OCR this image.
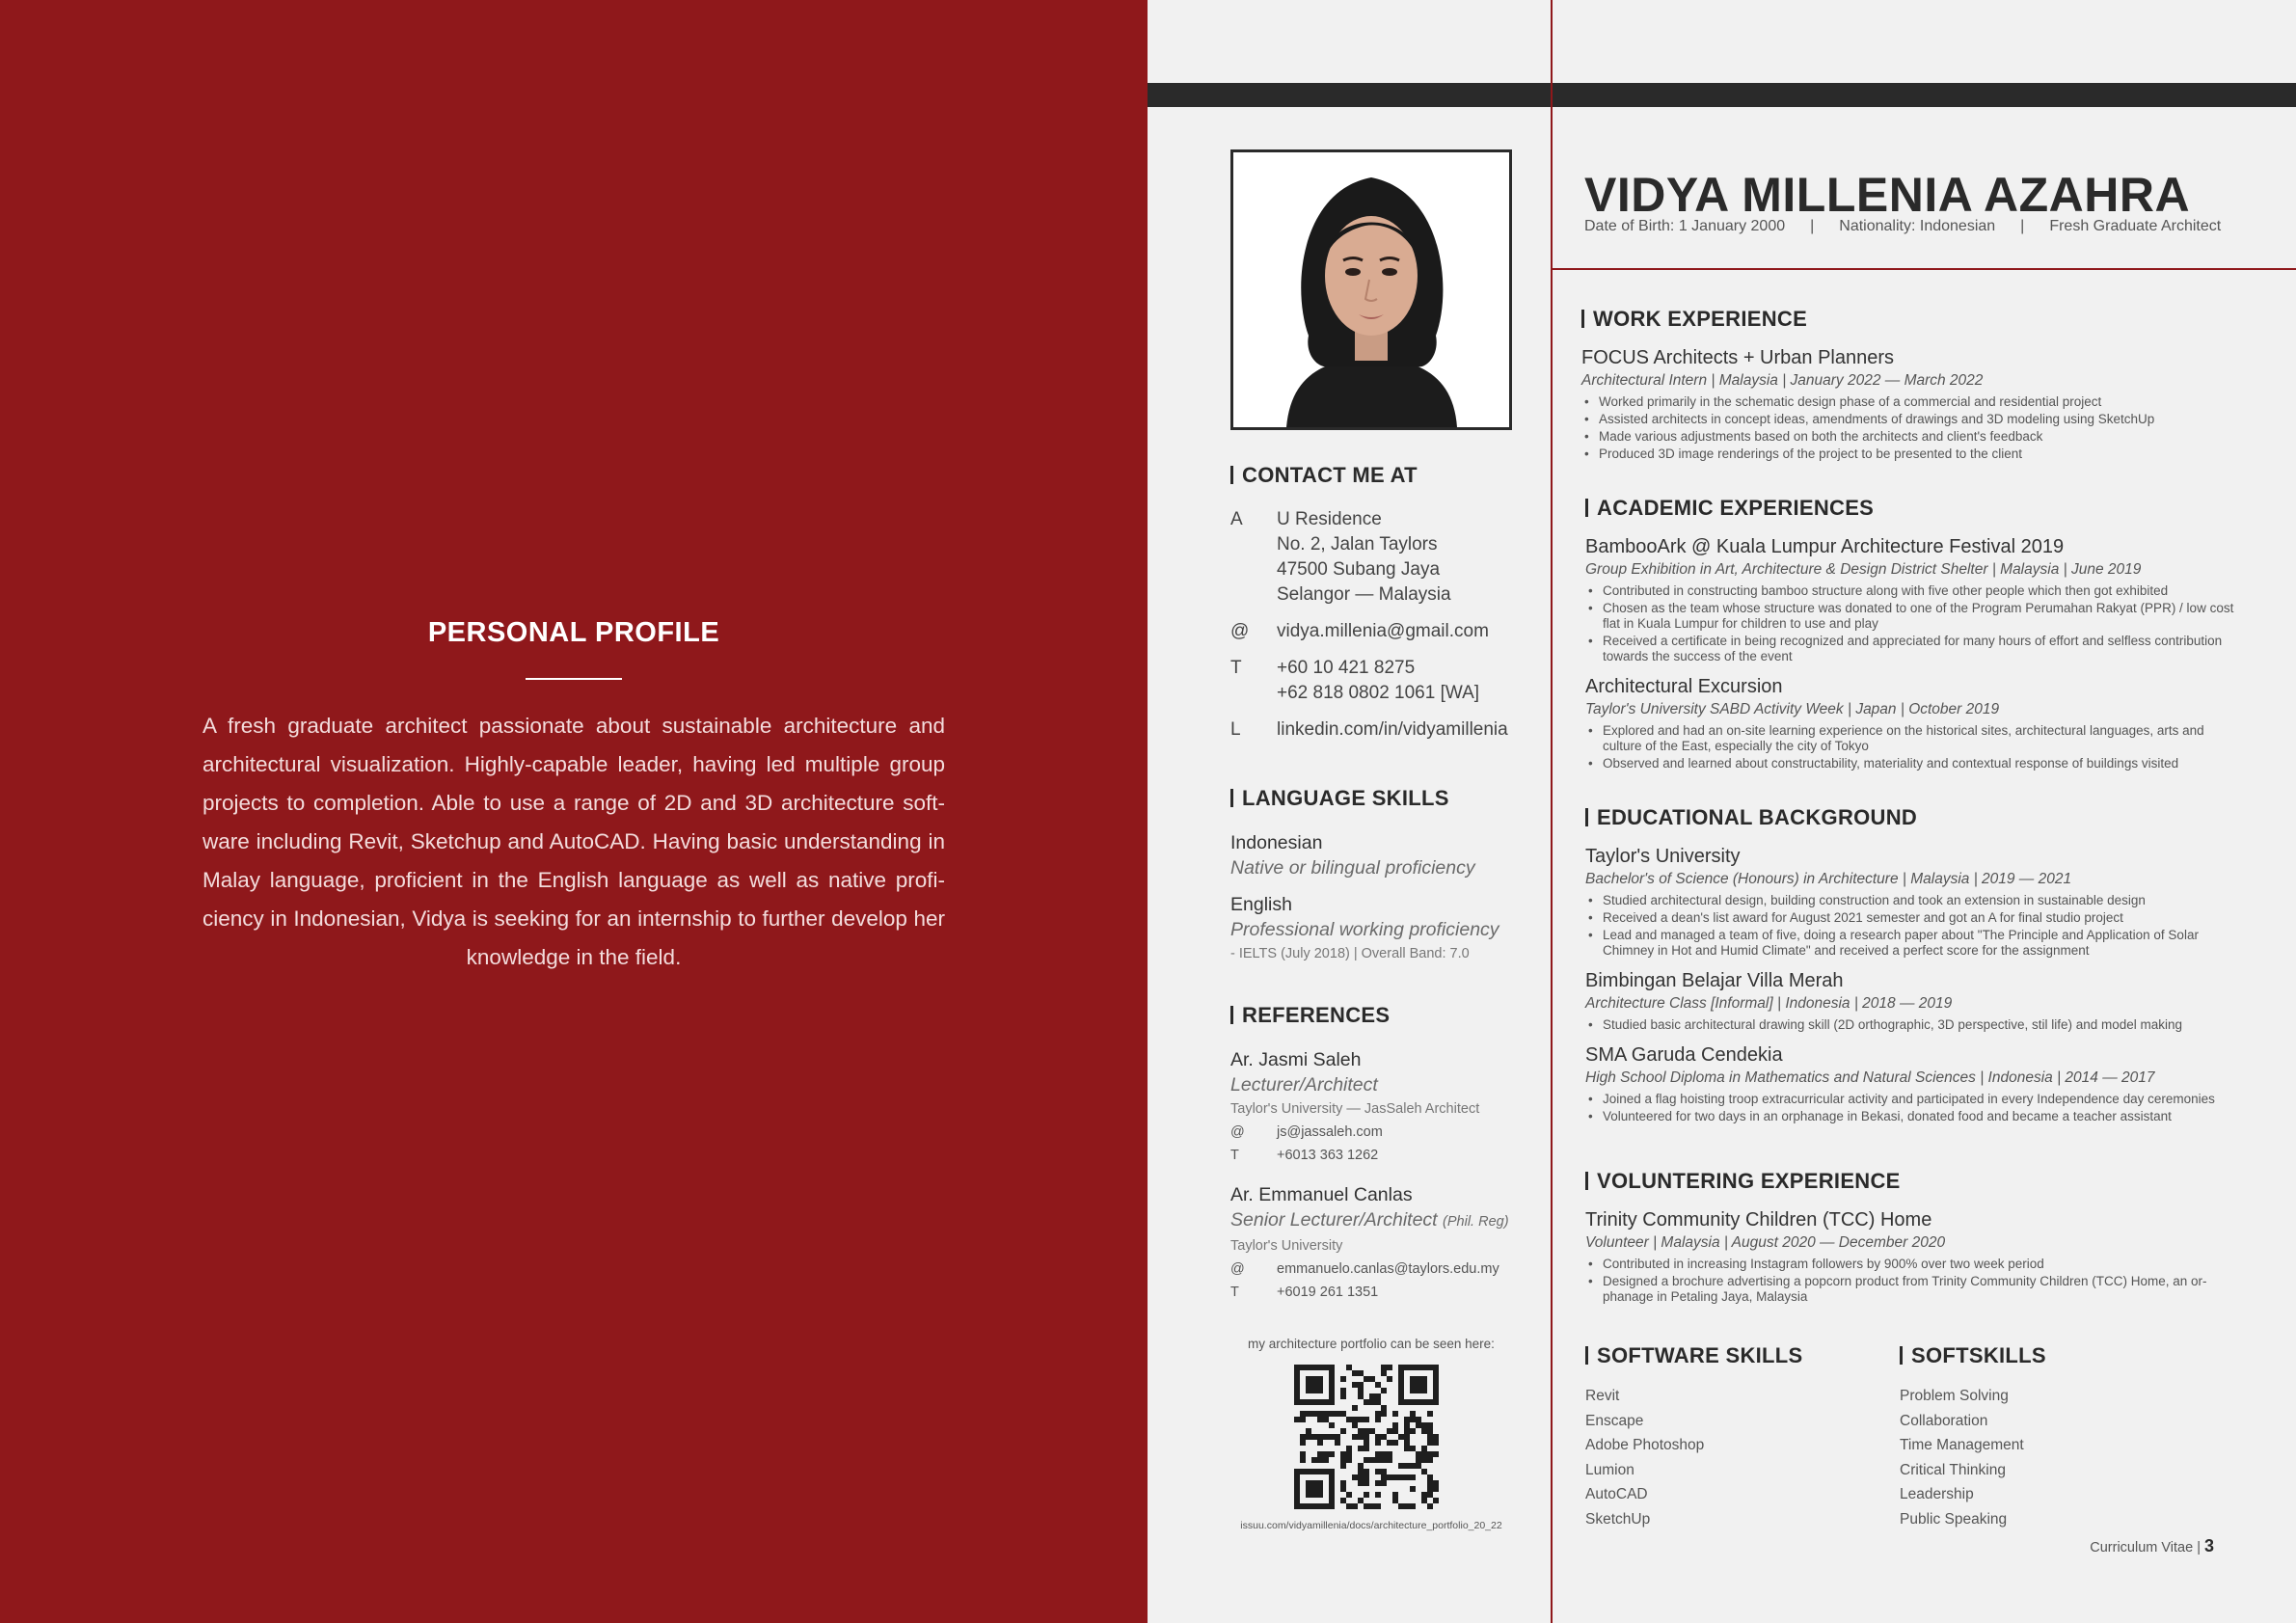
PERSONAL PROFILE

A fresh graduate architect passionate about sustainable architecture and architectural visualization. Highly-capable leader, having led multiple group projects to completion. Able to use a range of 2D and 3D architecture soft-ware including Revit, Sketchup and AutoCAD. Having basic understanding in Malay language, proficient in the English language as well as native profi-ciency in Indonesian, Vidya is seeking for an internship to further develop her knowledge in the field.

CONTACT ME AT
A	U Residence
No. 2, Jalan Taylors
47500 Subang Jaya
Selangor — Malaysia
@	vidya.millenia@gmail.com
T	+60 10 421 8275
+62 818 0802 1061 [WA]
L	linkedin.com/in/vidyamillenia
LANGUAGE SKILLS
Indonesian
Native or bilingual proficiency
English
Professional working proficiency
- IELTS (July 2018) | Overall Band: 7.0
REFERENCES
Ar. Jasmi Saleh
Lecturer/Architect
Taylor's University — JasSaleh Architect
@	js@jassaleh.com
T	+6013 363 1262
Ar. Emmanuel Canlas
Senior Lecturer/Architect (Phil. Reg)
Taylor's University
@	emmanuelo.canlas@taylors.edu.my
T	+6019 261 1351
my architecture portfolio can be seen here:
issuu.com/vidyamillenia/docs/architecture_portfolio_20_22
VIDYA MILLENIA AZAHRA
Date of Birth: 1 January 2000 | Nationality: Indonesian | Fresh Graduate Architect
WORK EXPERIENCE
FOCUS Architects + Urban Planners
Architectural Intern | Malaysia | January 2022 — March 2022
• Worked primarily in the schematic design phase of a commercial and residential project
• Assisted architects in concept ideas, amendments of drawings and 3D modeling using SketchUp
• Made various adjustments based on both the architects and client's feedback
• Produced 3D image renderings of the project to be presented to the client
ACADEMIC EXPERIENCES
BambooArk @ Kuala Lumpur Architecture Festival 2019
Group Exhibition in Art, Architecture & Design District Shelter | Malaysia | June 2019
• Contributed in constructing bamboo structure along with five other people which then got exhibited
• Chosen as the team whose structure was donated to one of the Program Perumahan Rakyat (PPR) / low cost flat in Kuala Lumpur for children to use and play
• Received a certificate in being recognized and appreciated for many hours of effort and selfless contribution towards the success of the event
Architectural Excursion
Taylor's University SABD Activity Week | Japan | October 2019
• Explored and had an on-site learning experience on the historical sites, architectural languages, arts and culture of the East, especially the city of Tokyo
• Observed and learned about constructability, materiality and contextual response of buildings visited
EDUCATIONAL BACKGROUND
Taylor's University
Bachelor's of Science (Honours) in Architecture | Malaysia | 2019 — 2021
• Studied architectural design, building construction and took an extension in sustainable design
• Received a dean's list award for August 2021 semester and got an A for final studio project
• Lead and managed a team of five, doing a research paper about "The Principle and Application of Solar Chimney in Hot and Humid Climate" and received a perfect score for the assignment
Bimbingan Belajar Villa Merah
Architecture Class [Informal] | Indonesia | 2018 — 2019
• Studied basic architectural drawing skill (2D orthographic, 3D perspective, stil life) and model making
SMA Garuda Cendekia
High School Diploma in Mathematics and Natural Sciences | Indonesia | 2014 — 2017
• Joined a flag hoisting troop extracurricular activity and participated in every Independence day ceremonies
• Volunteered for two days in an orphanage in Bekasi, donated food and became a teacher assistant
VOLUNTERING EXPERIENCE
Trinity Community Children (TCC) Home
Volunteer | Malaysia | August 2020 — December 2020
• Contributed in increasing Instagram followers by 900% over two week period
• Designed a brochure advertising a popcorn product from Trinity Community Children (TCC) Home, an or-phanage in Petaling Jaya, Malaysia
SOFTWARE SKILLS
Revit
Enscape
Adobe Photoshop
Lumion
AutoCAD
SketchUp
SOFTSKILLS
Problem Solving
Collaboration
Time Management
Critical Thinking
Leadership
Public Speaking
Curriculum Vitae | 3
